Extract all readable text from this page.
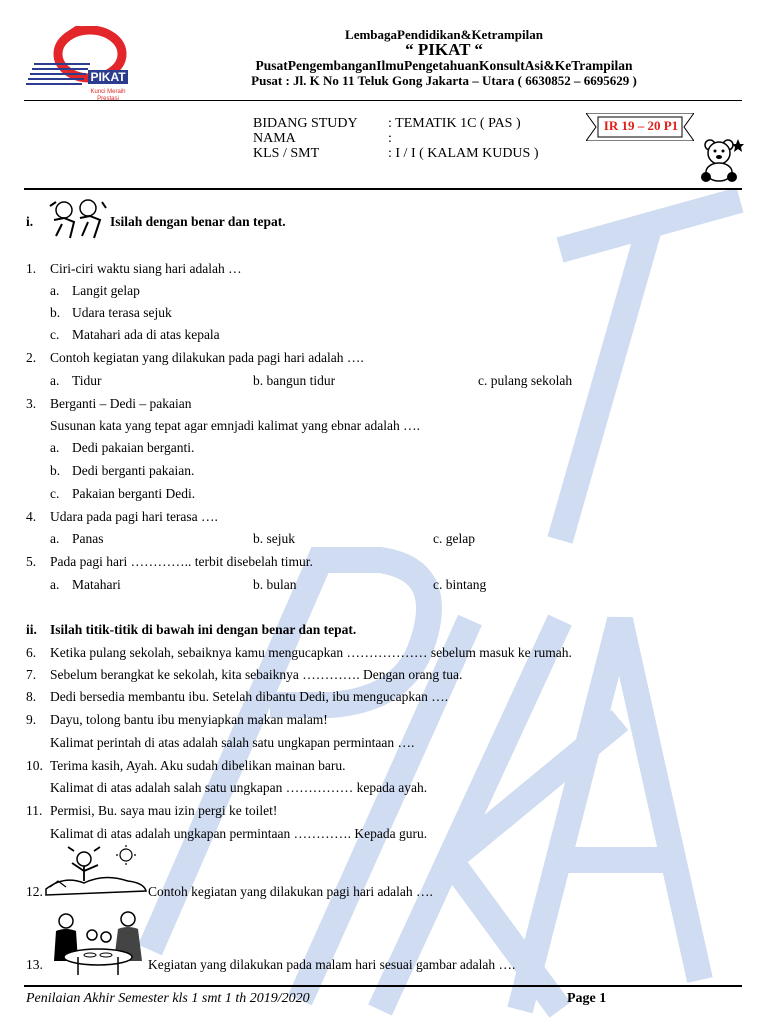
PIKAT
Kunci Meraih
Prestasi
LembagaPendidikan&Ketrampilan
“ PIKAT “
PusatPengembanganIlmuPengetahuanKonsultAsi&KeTrampilan
Pusat : Jl. K No 11 Teluk Gong Jakarta – Utara ( 6630852 – 6695629 )
BIDANG STUDY : TEMATIK 1C ( PAS )
NAMA	:
KLS / SMT	: I / I ( KALAM KUDUS )
IR 19 – 20 P1
i.	Isilah dengan benar dan tepat.
1. Ciri-ciri waktu siang hari adalah …
a. Langit gelap
b. Udara terasa sejuk
c. Matahari ada di atas kepala
2. Contoh kegiatan yang dilakukan pada pagi hari adalah ….
a. Tidur	b. bangun tidur	c. pulang sekolah
3. Berganti – Dedi – pakaian
Susunan kata yang tepat agar emnjadi kalimat yang ebnar adalah ….
a. Dedi pakaian berganti.
b. Dedi berganti pakaian.
c. Pakaian berganti Dedi.
4. Udara pada pagi hari terasa ….
a. Panas	b. sejuk	c. gelap
5. Pada pagi hari ………….. terbit disebelah timur.
a. Matahari	b. bulan	c. bintang
ii. Isilah titik-titik di bawah ini dengan benar dan tepat.
6. Ketika pulang sekolah, sebaiknya kamu mengucapkan ……………… sebelum masuk ke rumah.
7. Sebelum berangkat ke sekolah, kita sebaiknya …………. Dengan orang tua.
8. Dedi bersedia membantu ibu. Setelah dibantu Dedi, ibu mengucapkan ….
9. Dayu, tolong bantu ibu menyiapkan makan malam!
Kalimat perintah di atas adalah salah satu ungkapan permintaan ….
10. Terima kasih, Ayah. Aku sudah dibelikan mainan baru.
Kalimat di atas adalah salah satu ungkapan …………… kepada ayah.
11. Permisi, Bu. saya mau izin pergi ke toilet!
Kalimat di atas adalah ungkapan permintaan …………. Kepada guru.
12.	Contoh kegiatan yang dilakukan pagi hari adalah ….
13.	Kegiatan yang dilakukan pada malam hari sesuai gambar adalah ….
Penilaian Akhir Semester kls 1 smt 1 th 2019/2020	Page 1
